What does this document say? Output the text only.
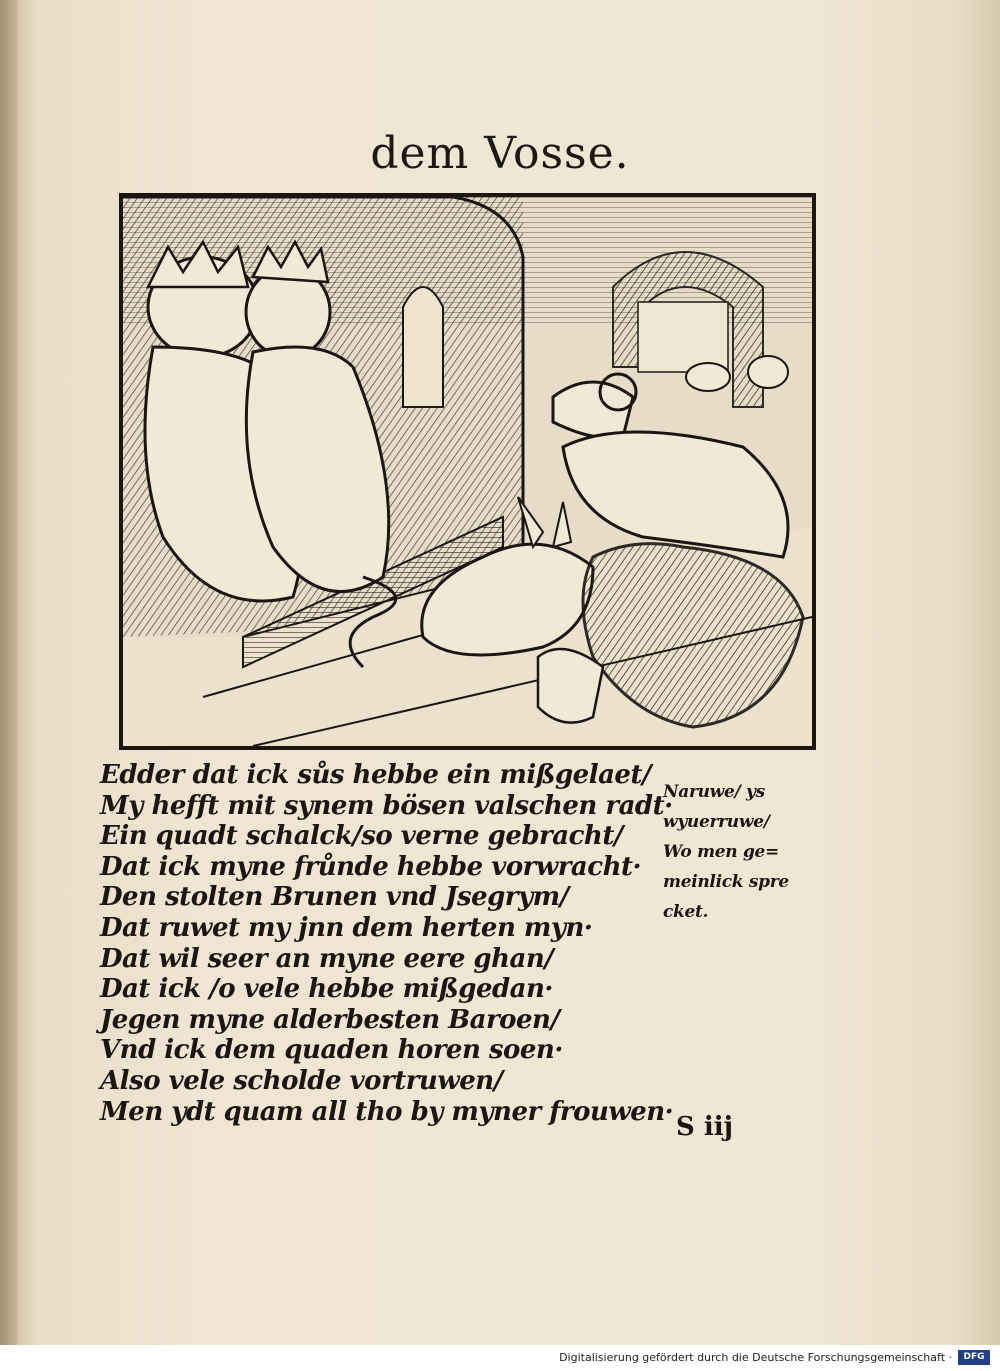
dem Vosse.
Edder dat ick sůs hebbe ein mißgelaet/
My hefft mit synem bösen valschen radt·
Ein quadt schalck/so verne gebracht/
Dat ick myne frůnde hebbe vorwracht·
Den stolten Brunen vnd Jsegrym/
Dat ruwet my jnn dem herten myn·
Dat wil seer an myne eere ghan/
Dat ick /o vele hebbe mißgedan·
Jegen myne alderbesten Baroen/
Vnd ick dem quaden horen soen·
Also vele scholde vortruwen/
Men ydt quam all tho by myner frouwen·
Naruwe/ ys
wyuerruwe/
Wo men ge=
meinlick spre
cket.
S iij
Digitalisierung gefördert durch die Deutsche Forschungsgemeinschaft ·	DFG
